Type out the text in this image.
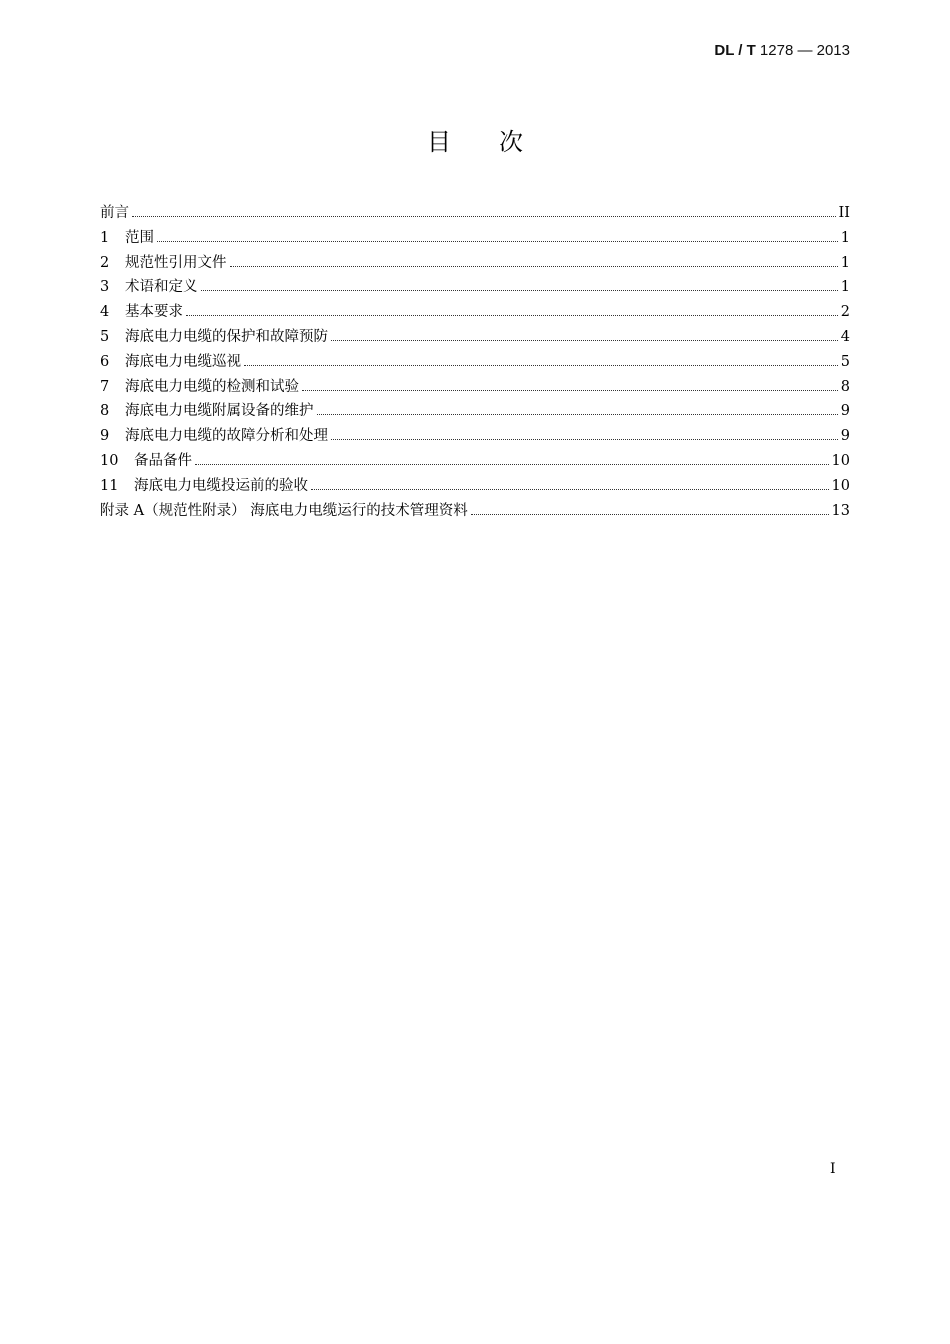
DL / T 1278 — 2013
目 次
前言	II
1	范围	1
2	规范性引用文件	1
3	术语和定义	1
4	基本要求	2
5	海底电力电缆的保护和故障预防	4
6	海底电力电缆巡视	5
7	海底电力电缆的检测和试验	8
8	海底电力电缆附属设备的维护	9
9	海底电力电缆的故障分析和处理	9
10	备品备件	10
11	海底电力电缆投运前的验收	10
附录 A（规范性附录） 海底电力电缆运行的技术管理资料	13
I
